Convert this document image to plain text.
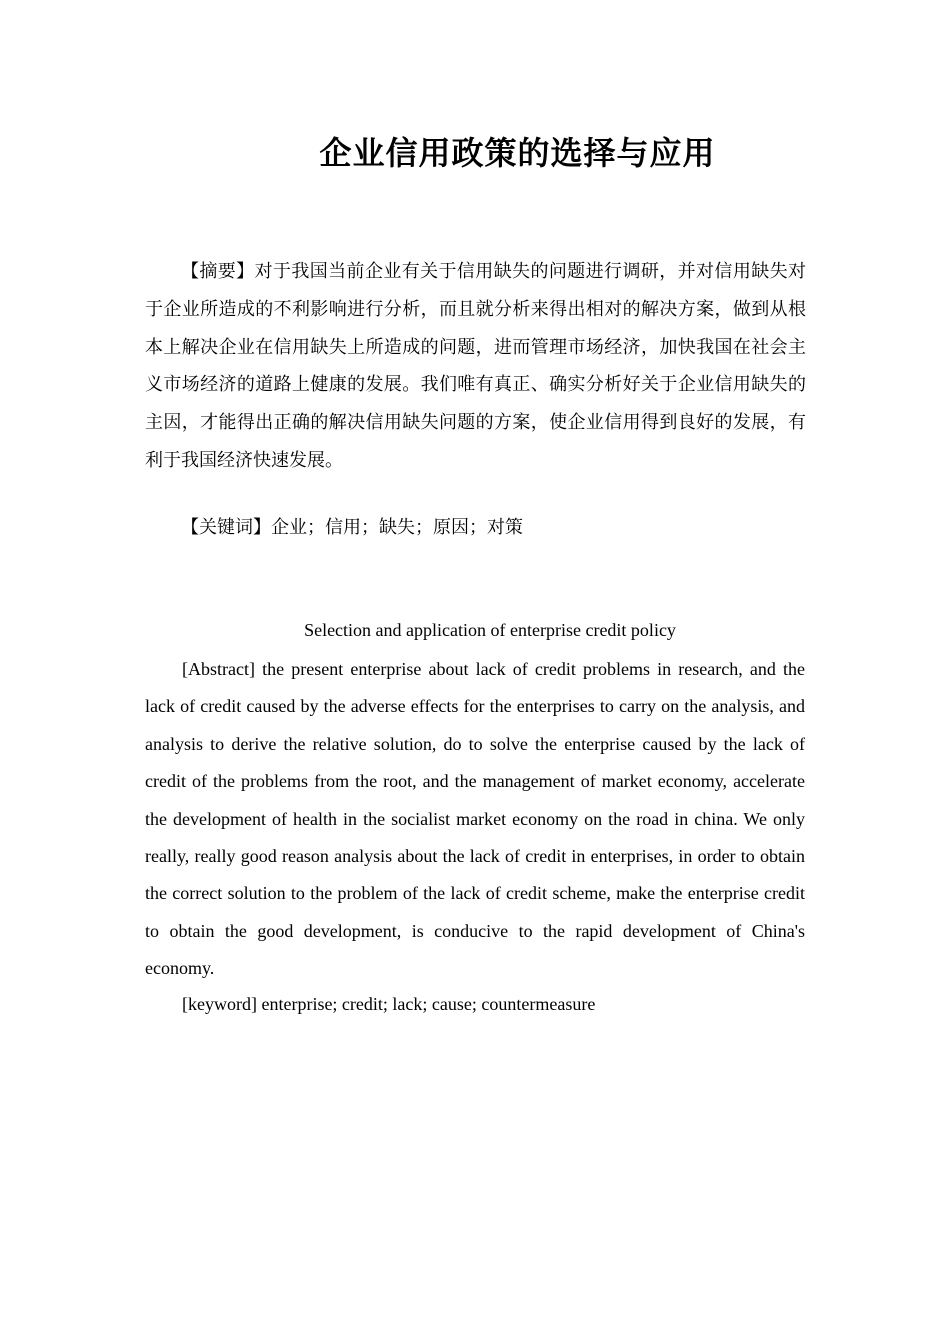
企业信用政策的选择与应用

【摘要】对于我国当前企业有关于信用缺失的问题进行调研，并对信用缺失对于企业所造成的不利影响进行分析，而且就分析来得出相对的解决方案，做到从根本上解决企业在信用缺失上所造成的问题，进而管理市场经济，加快我国在社会主义市场经济的道路上健康的发展。我们唯有真正、确实分析好关于企业信用缺失的主因，才能得出正确的解决信用缺失问题的方案，使企业信用得到良好的发展，有利于我国经济快速发展。

【关键词】企业；信用；缺失；原因；对策

Selection and application of enterprise credit policy

[Abstract] the present enterprise about lack of credit problems in research, and the lack of credit caused by the adverse effects for the enterprises to carry on the analysis, and analysis to derive the relative solution, do to solve the enterprise caused by the lack of credit of the problems from the root, and the management of market economy, accelerate the development of health in the socialist market economy on the road in china. We only really, really good reason analysis about the lack of credit in enterprises, in order to obtain the correct solution to the problem of the lack of credit scheme, make the enterprise credit to obtain the good development, is conducive to the rapid development of China's economy.

[keyword] enterprise; credit; lack; cause; countermeasure
